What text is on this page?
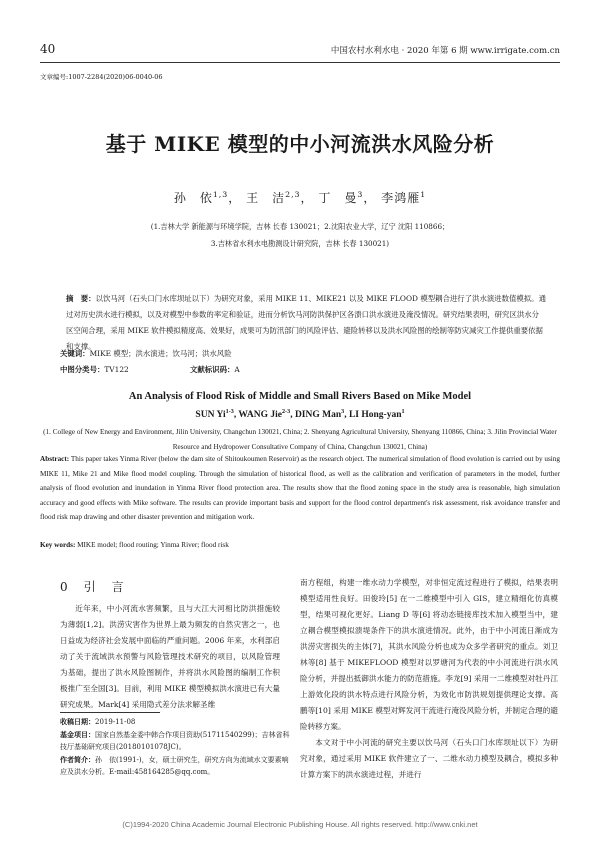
40	中国农村水利水电 · 2020 年第 6 期 www.irrigate.com.cn
文章编号:1007-2284(2020)06-0040-06
基于 MIKE 模型的中小河流洪水风险分析
孙　依$^{1,3}$， 王　洁$^{2,3}$， 丁　曼$^3$， 李鸿雁$^1$
(1.吉林大学 新能源与环境学院，吉林 长春 130021；2.沈阳农业大学，辽宁 沈阳 110866；
3.吉林省水利水电勘测设计研究院，吉林 长春 130021)
摘　要：以饮马河（石头口门水库坝址以下）为研究对象，采用 MIKE 11、MIKE21 以及 MIKE FLOOD 模型耦合进行了洪水演进数值模拟。通过对历史洪水进行模拟，以及对模型中参数的率定和验证，进而分析饮马河防洪保护区各溃口洪水演进及淹没情况。研究结果表明，研究区洪水分区空间合理，采用 MIKE 软件模拟精度高、效果好，成果可为防汛部门的风险评估、避险转移以及洪水风险图的绘制等防灾减灾工作提供重要依据和支撑。
关键词：MIKE 模型；洪水演进；饮马河；洪水风险
中图分类号：TV122	文献标识码：A
An Analysis of Flood Risk of Middle and Small Rivers Based on Mike Model
SUN Yi$^{1-3}$, WANG Jie$^{2-3}$, DING Man$^3$, LI Hong-yan$^1$
(1. College of New Energy and Environment, Jilin University, Changchun 130021, China; 2. Shenyang Agricultural University, Shenyang 110866, China; 3. Jilin Provincial Water Resource and Hydropower Consultative Company of China, Changchun 130021, China)
Abstract: This paper takes Yinma River (below the dam site of Shitoukoumen Reservoir) as the research object. The numerical simulation of flood evolution is carried out by using MIKE 11, Mike 21 and Mike flood model coupling. Through the simulation of historical flood, as well as the calibration and verification of parameters in the model, further analysis of flood evolution and inundation in Yinma River flood protection area. The results show that the flood zoning space in the study area is reasonable, high simulation accuracy and good effects with Mike software. The results can provide important basis and support for the flood control department's risk assessment, risk avoidance transfer and flood risk map drawing and other disaster prevention and mitigation work.
Key words: MIKE model; flood routing; Yinma River; flood risk
0　引　言

近年来，中小河流水害频繁，且与大江大河相比防洪措施较为薄弱[1,2]。洪涝灾害作为世界上最为频发的自然灾害之一，也日益成为经济社会发展中面临的严重问题。2006 年来，水利部启动了关于流域洪水预警与风险管理技术研究的项目，以风险管理为基础，提出了洪水风险图制作，并将洪水风险图的编制工作积极推广至全国[3]。目前，利用 MIKE 模型模拟洪水演进已有大量研究成果。Mark[4] 采用隐式差分法求解圣维

南方程组，构建一维水动力学模型，对非恒定流过程进行了模拟，结果表明模型适用性良好。田俊玲[5] 在一二维模型中引入 GIS，建立精细化仿真模型，结果可视化更好。Liang D 等[6] 将动态链接库技术加入模型当中，建立耦合模型模拟溃堤条件下的洪水演进情况。此外，由于中小河流日渐成为洪涝灾害损失的主体[7]，其洪水风险分析也成为众多学者研究的重点。刘卫林等[8] 基于 MIKEFLOOD 模型对以罗塘河为代表的中小河流进行洪水风险分析，并提出抵御洪水能力的防范措施。李龙[9] 采用一二维模型对牡丹江上游效化段的洪水特点进行风险分析，为效化市防洪规划提供理论支撑。高鹏等[10] 采用 MIKE 模型对辉发河干流进行淹没风险分析，并制定合理的避险转移方案。

本文对于中小河流的研究主要以饮马河（石头口门水库坝址以下）为研究对象，通过采用 MIKE 软件建立了一、二维水动力模型及耦合，模拟多种计算方案下的洪水演进过程，并进行

收稿日期：2019-11-08
基金项目：国家自然基金委中韩合作项目资助(51711540299)；吉林省科技厅基础研究项目(20180101078JC)。
作者简介：孙　依(1991-)，女，硕士研究生，研究方向为流域水文要素响应及洪水分析。E-mail:458164285@qq.com。
(C)1994-2020 China Academic Journal Electronic Publishing House. All rights reserved. http://www.cnki.net
